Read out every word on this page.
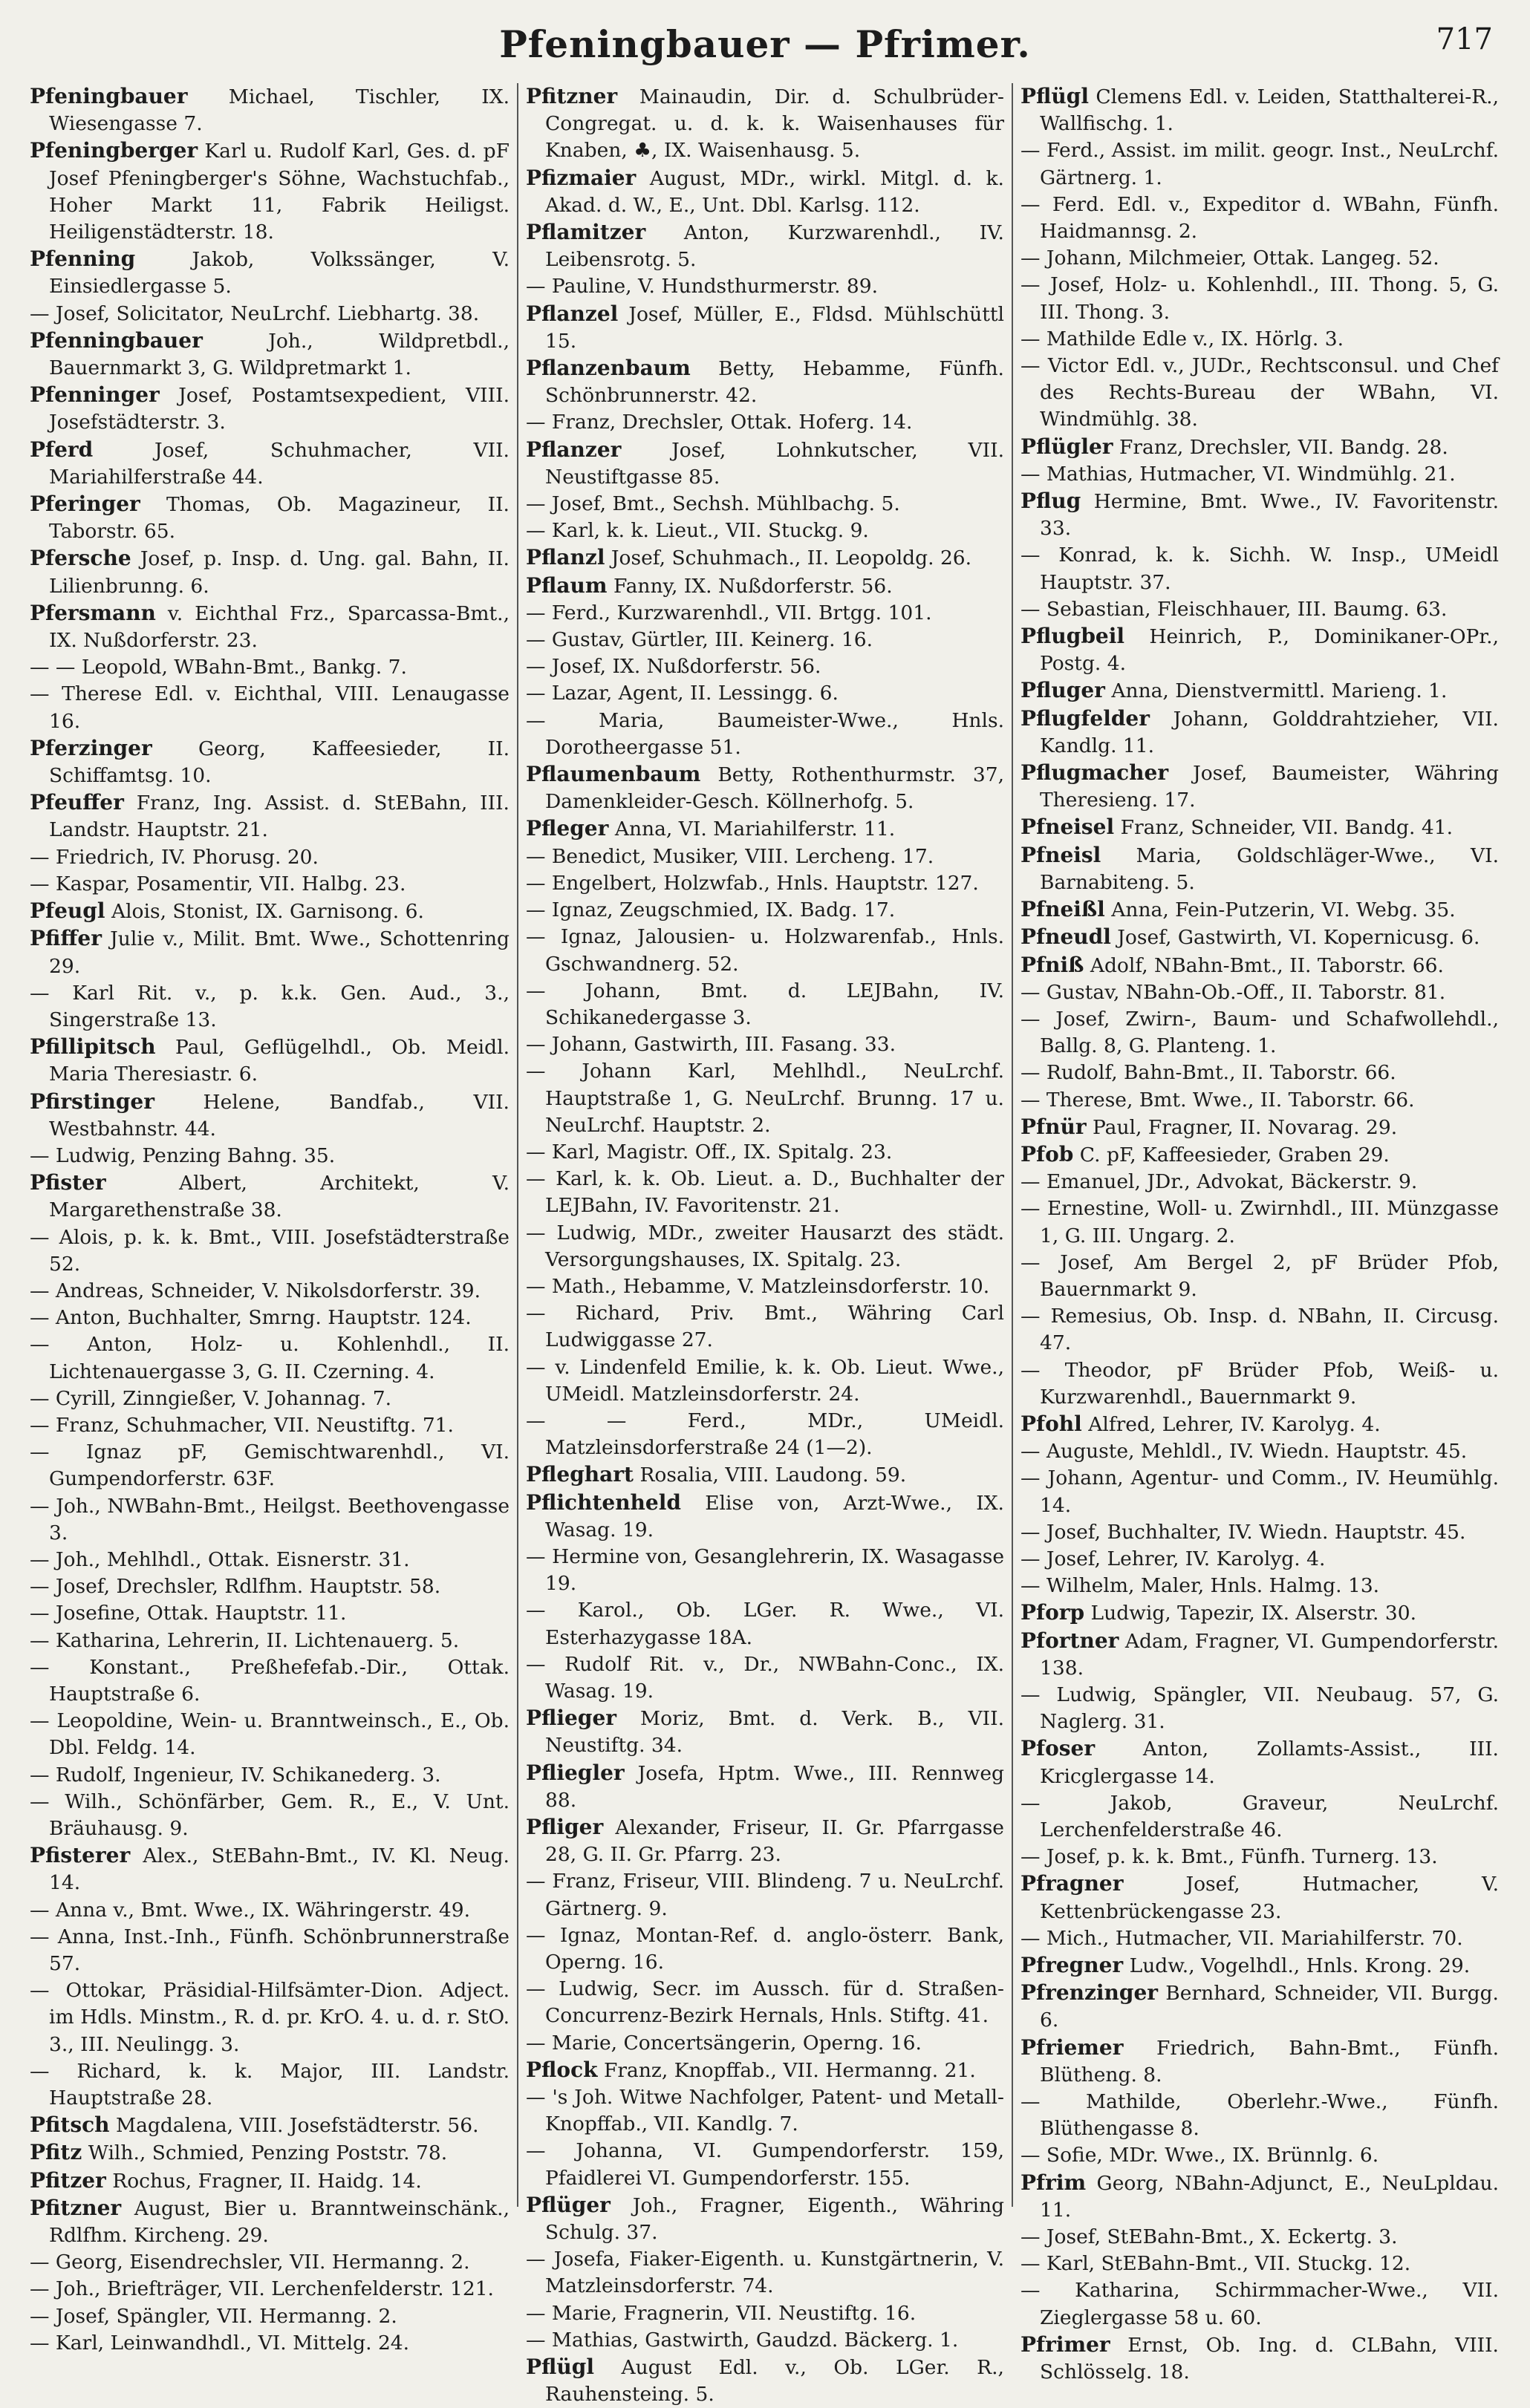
Pfeningbauer — Pfrimer.	717

Pfeningbauer Michael, Tischler, IX. Wiesengasse 7.

Pfeningberger Karl u. Rudolf Karl, Ges. d. pF Josef Pfeningberger's Söhne, Wachstuchfab., Hoher Markt 11, Fabrik Heiligst. Heiligenstädterstr. 18.

Pfenning	Jakob, Volkssänger, V. Einsiedlergasse 5.

— Josef, Solicitator, NeuLrchf. Liebhartg. 38.

Pfenningbauer	Joh., Wildpretbdl., Bauernmarkt 3, G. Wildpretmarkt 1.

Pfenninger Josef, Postamtsexpedient, VIII. Josefstädterstr. 3.

Pferd	Josef, Schuhmacher, VII. Mariahilferstraße 44.

Pferinger Thomas, Ob. Magazineur, II. Taborstr. 65.

Pfersche Josef, p. Insp. d. Ung. gal. Bahn, II. Lilienbrunng. 6.

Pfersmann v. Eichthal Frz., Sparcassa-Bmt., IX. Nußdorferstr. 23.

— — Leopold, WBahn-Bmt., Bankg. 7.

— Therese Edl. v. Eichthal, VIII. Lenaugasse 16.

Pferzinger Georg, Kaffeesieder, II. Schiffamtsg. 10.

Pfeuffer Franz, Ing. Assist. d. StEBahn, III. Landstr. Hauptstr. 21.

— Friedrich, IV. Phorusg. 20.

— Kaspar, Posamentir, VII. Halbg. 23.

Pfeugl Alois, Stonist, IX. Garnisong. 6.

Pfiffer Julie v., Milit. Bmt. Wwe., Schottenring 29.

— Karl Rit. v., p. k.k. Gen. Aud., 3., Singerstraße 13.

Pfillipitsch Paul, Geflügelhdl., Ob. Meidl. Maria Theresiastr. 6.

Pfirstinger Helene, Bandfab., VII. Westbahnstr. 44.

— Ludwig, Penzing Bahng. 35.

Pfister	Albert, Architekt, V. Margarethenstraße 38.

— Alois, p. k. k. Bmt., VIII. Josefstädterstraße 52.

— Andreas, Schneider, V. Nikolsdorferstr. 39.

— Anton, Buchhalter, Smrng. Hauptstr. 124.

— Anton, Holz- u. Kohlenhdl., II. Lichtenauergasse 3, G. II. Czerning. 4.

— Cyrill, Zinngießer, V. Johannag. 7.

— Franz, Schuhmacher, VII. Neustiftg. 71.

— Ignaz pF, Gemischtwarenhdl., VI. Gumpendorferstr. 63F.

— Joh., NWBahn-Bmt., Heilgst. Beethovengasse 3.

— Joh., Mehlhdl., Ottak. Eisnerstr. 31.

— Josef, Drechsler, Rdlfhm. Hauptstr. 58.

— Josefine, Ottak. Hauptstr. 11.

— Katharina, Lehrerin, II. Lichtenauerg. 5.

— Konstant., Preßhefefab.-Dir., Ottak. Hauptstraße 6.

— Leopoldine, Wein- u. Branntweinsch., E., Ob. Dbl. Feldg. 14.

— Rudolf, Ingenieur, IV. Schikanederg. 3.

— Wilh., Schönfärber, Gem. R., E., V. Unt. Bräuhausg. 9.

Pfisterer Alex., StEBahn-Bmt., IV. Kl. Neug. 14.

— Anna v., Bmt. Wwe., IX. Währingerstr. 49.

— Anna, Inst.-Inh., Fünfh. Schönbrunnerstraße 57.

— Ottokar, Präsidial-Hilfsämter-Dion. Adject. im Hdls. Minstm., R. d. pr. KrO. 4. u. d. r. StO. 3., III. Neulingg. 3.

— Richard, k. k. Major, III. Landstr. Hauptstraße 28.

Pfitsch Magdalena, VIII. Josefstädterstr. 56.

Pfitz Wilh., Schmied, Penzing Poststr. 78.

Pfitzer Rochus, Fragner, II. Haidg. 14.

Pfitzner August, Bier u. Branntweinschänk., Rdlfhm. Kircheng. 29.

— Georg, Eisendrechsler, VII. Hermanng. 2.

— Joh., Briefträger, VII. Lerchenfelderstr. 121.

— Josef, Spängler, VII. Hermanng. 2.

— Karl, Leinwandhdl., VI. Mittelg. 24.

Pfitzner Mainaudin, Dir. d. Schulbrüder-Congregat. u. d. k. k. Waisenhauses für Knaben, ♣, IX. Waisenhausg. 5.

Pfizmaier August, MDr., wirkl. Mitgl. d. k. Akad. d. W., E., Unt. Dbl. Karlsg. 112.

Pflamitzer Anton, Kurzwarenhdl., IV. Leibensrotg. 5.

— Pauline, V. Hundsthurmerstr. 89.

Pflanzel Josef, Müller, E., Fldsd. Mühlschüttl 15.

Pflanzenbaum Betty, Hebamme, Fünfh. Schönbrunnerstr. 42.

— Franz, Drechsler, Ottak. Hoferg. 14.

Pflanzer	Josef, Lohnkutscher, VII. Neustiftgasse 85.

— Josef, Bmt., Sechsh. Mühlbachg. 5.

— Karl, k. k. Lieut., VII. Stuckg. 9.

Pflanzl Josef, Schuhmach., II. Leopoldg. 26.

Pflaum Fanny, IX. Nußdorferstr. 56.

— Ferd., Kurzwarenhdl., VII. Brtgg. 101.

— Gustav, Gürtler, III. Keinerg. 16.

— Josef, IX. Nußdorferstr. 56.

— Lazar, Agent, II. Lessingg. 6.

— Maria, Baumeister-Wwe., Hnls. Dorotheergasse 51.

Pflaumenbaum Betty, Rothenthurmstr. 37, Damenkleider-Gesch. Köllnerhofg. 5.

Pfleger Anna, VI. Mariahilferstr. 11.

— Benedict, Musiker, VIII. Lercheng. 17.

— Engelbert, Holzwfab., Hnls. Hauptstr. 127.

— Ignaz, Zeugschmied, IX. Badg. 17.

— Ignaz, Jalousien- u. Holzwarenfab., Hnls. Gschwandnerg. 52.

— Johann, Bmt. d. LEJBahn, IV. Schikanedergasse 3.

— Johann, Gastwirth, III. Fasang. 33.

— Johann Karl, Mehlhdl., NeuLrchf. Hauptstraße 1, G. NeuLrchf. Brunng. 17 u. NeuLrchf. Hauptstr. 2.

— Karl, Magistr. Off., IX. Spitalg. 23.

— Karl, k. k. Ob. Lieut. a. D., Buchhalter der LEJBahn, IV. Favoritenstr. 21.

— Ludwig, MDr., zweiter Hausarzt des städt. Versorgungshauses, IX. Spitalg. 23.

— Math., Hebamme, V. Matzleinsdorferstr. 10.

— Richard, Priv. Bmt., Währing Carl Ludwiggasse 27.

— v. Lindenfeld Emilie, k. k. Ob. Lieut. Wwe., UMeidl. Matzleinsdorferstr. 24.

— — Ferd., MDr., UMeidl. Matzleinsdorferstraße 24 (1—2).

Pfleghart Rosalia, VIII. Laudong. 59.

Pflichtenheld Elise von, Arzt-Wwe., IX. Wasag. 19.

— Hermine von, Gesanglehrerin, IX. Wasagasse 19.

— Karol., Ob. LGer. R. Wwe., VI. Esterhazygasse 18A.

— Rudolf Rit. v., Dr., NWBahn-Conc., IX. Wasag. 19.

Pflieger Moriz, Bmt. d. Verk. B., VII. Neustiftg. 34.

Pfliegler Josefa, Hptm. Wwe., III. Rennweg 88.

Pfliger Alexander, Friseur, II. Gr. Pfarrgasse 28, G. II. Gr. Pfarrg. 23.

— Franz, Friseur, VIII. Blindeng. 7 u. NeuLrchf. Gärtnerg. 9.

— Ignaz, Montan-Ref. d. anglo-österr. Bank, Operng. 16.

— Ludwig, Secr. im Aussch. für d. Straßen-Concurrenz-Bezirk Hernals, Hnls. Stiftg. 41.

— Marie, Concertsängerin, Operng. 16.

Pflock Franz, Knopffab., VII. Hermanng. 21.

— 's Joh. Witwe Nachfolger, Patent- und Metall-Knopffab., VII. Kandlg. 7.

— Johanna, VI. Gumpendorferstr. 159, Pfaidlerei VI. Gumpendorferstr. 155.

Pflüger Joh., Fragner, Eigenth., Währing Schulg. 37.

— Josefa, Fiaker-Eigenth. u. Kunstgärtnerin, V. Matzleinsdorferstr. 74.

— Marie, Fragnerin, VII. Neustiftg. 16.

— Mathias, Gastwirth, Gaudzd. Bäckerg. 1.

Pflügl August Edl. v., Ob. LGer. R., Rauhensteing. 5.

Pflügl Clemens Edl. v. Leiden, Statthalterei-R., Wallfischg. 1.

— Ferd., Assist. im milit. geogr. Inst., NeuLrchf. Gärtnerg. 1.

— Ferd. Edl. v., Expeditor d. WBahn, Fünfh. Haidmannsg. 2.

— Johann, Milchmeier, Ottak. Langeg. 52.

— Josef, Holz- u. Kohlenhdl., III. Thong. 5, G. III. Thong. 3.

— Mathilde Edle v., IX. Hörlg. 3.

— Victor Edl. v., JUDr., Rechtsconsul. und Chef des Rechts-Bureau der WBahn, VI. Windmühlg. 38.

Pflügler Franz, Drechsler, VII. Bandg. 28.

— Mathias, Hutmacher, VI. Windmühlg. 21.

Pflug Hermine, Bmt. Wwe., IV. Favoritenstr. 33.

— Konrad, k. k. Sichh. W. Insp., UMeidl Hauptstr. 37.

— Sebastian, Fleischhauer, III. Baumg. 63.

Pflugbeil Heinrich, P., Dominikaner-OPr., Postg. 4.

Pfluger Anna, Dienstvermittl. Marieng. 1.

Pflugfelder Johann, Golddrahtzieher, VII. Kandlg. 11.

Pflugmacher Josef, Baumeister, Währing Theresieng. 17.

Pfneisel Franz, Schneider, VII. Bandg. 41.

Pfneisl Maria, Goldschläger-Wwe., VI. Barnabiteng. 5.

Pfneißl Anna, Fein-Putzerin, VI. Webg. 35.

Pfneudl Josef, Gastwirth, VI. Kopernicusg. 6.

Pfniß Adolf, NBahn-Bmt., II. Taborstr. 66.

— Gustav, NBahn-Ob.-Off., II. Taborstr. 81.

— Josef, Zwirn-, Baum- und Schafwollehdl., Ballg. 8, G. Planteng. 1.

— Rudolf, Bahn-Bmt., II. Taborstr. 66.

— Therese, Bmt. Wwe., II. Taborstr. 66.

Pfnür Paul, Fragner, II. Novarag. 29.

Pfob C. pF, Kaffeesieder, Graben 29.

— Emanuel, JDr., Advokat, Bäckerstr. 9.

— Ernestine, Woll- u. Zwirnhdl., III. Münzgasse 1, G. III. Ungarg. 2.

— Josef, Am Bergel 2, pF Brüder Pfob, Bauernmarkt 9.

— Remesius, Ob. Insp. d. NBahn, II. Circusg. 47.

— Theodor, pF Brüder Pfob, Weiß- u. Kurzwarenhdl., Bauernmarkt 9.

Pfohl Alfred, Lehrer, IV. Karolyg. 4.

— Auguste, Mehldl., IV. Wiedn. Hauptstr. 45.

— Johann, Agentur- und Comm., IV. Heumühlg. 14.

— Josef, Buchhalter, IV. Wiedn. Hauptstr. 45.

— Josef, Lehrer, IV. Karolyg. 4.

— Wilhelm, Maler, Hnls. Halmg. 13.

Pforp Ludwig, Tapezir, IX. Alserstr. 30.

Pfortner Adam, Fragner, VI. Gumpendorferstr. 138.

— Ludwig, Spängler, VII. Neubaug. 57, G. Naglerg. 31.

Pfoser Anton, Zollamts-Assist., III. Kricglergasse 14.

— Jakob, Graveur, NeuLrchf. Lerchenfelderstraße 46.

— Josef, p. k. k. Bmt., Fünfh. Turnerg. 13.

Pfragner	Josef, Hutmacher, V. Kettenbrückengasse 23.

— Mich., Hutmacher, VII. Mariahilferstr. 70.

Pfregner Ludw., Vogelhdl., Hnls. Krong. 29.

Pfrenzinger Bernhard, Schneider, VII. Burgg. 6.

Pfriemer Friedrich, Bahn-Bmt., Fünfh. Blütheng. 8.

— Mathilde, Oberlehr.-Wwe., Fünfh. Blüthengasse 8.

— Sofie, MDr. Wwe., IX. Brünnlg. 6.

Pfrim Georg, NBahn-Adjunct, E., NeuLpldau. 11.

— Josef, StEBahn-Bmt., X. Eckertg. 3.

— Karl, StEBahn-Bmt., VII. Stuckg. 12.

— Katharina, Schirmmacher-Wwe., VII. Zieglergasse 58 u. 60.

Pfrimer Ernst, Ob. Ing. d. CLBahn, VIII. Schlösselg. 18.
